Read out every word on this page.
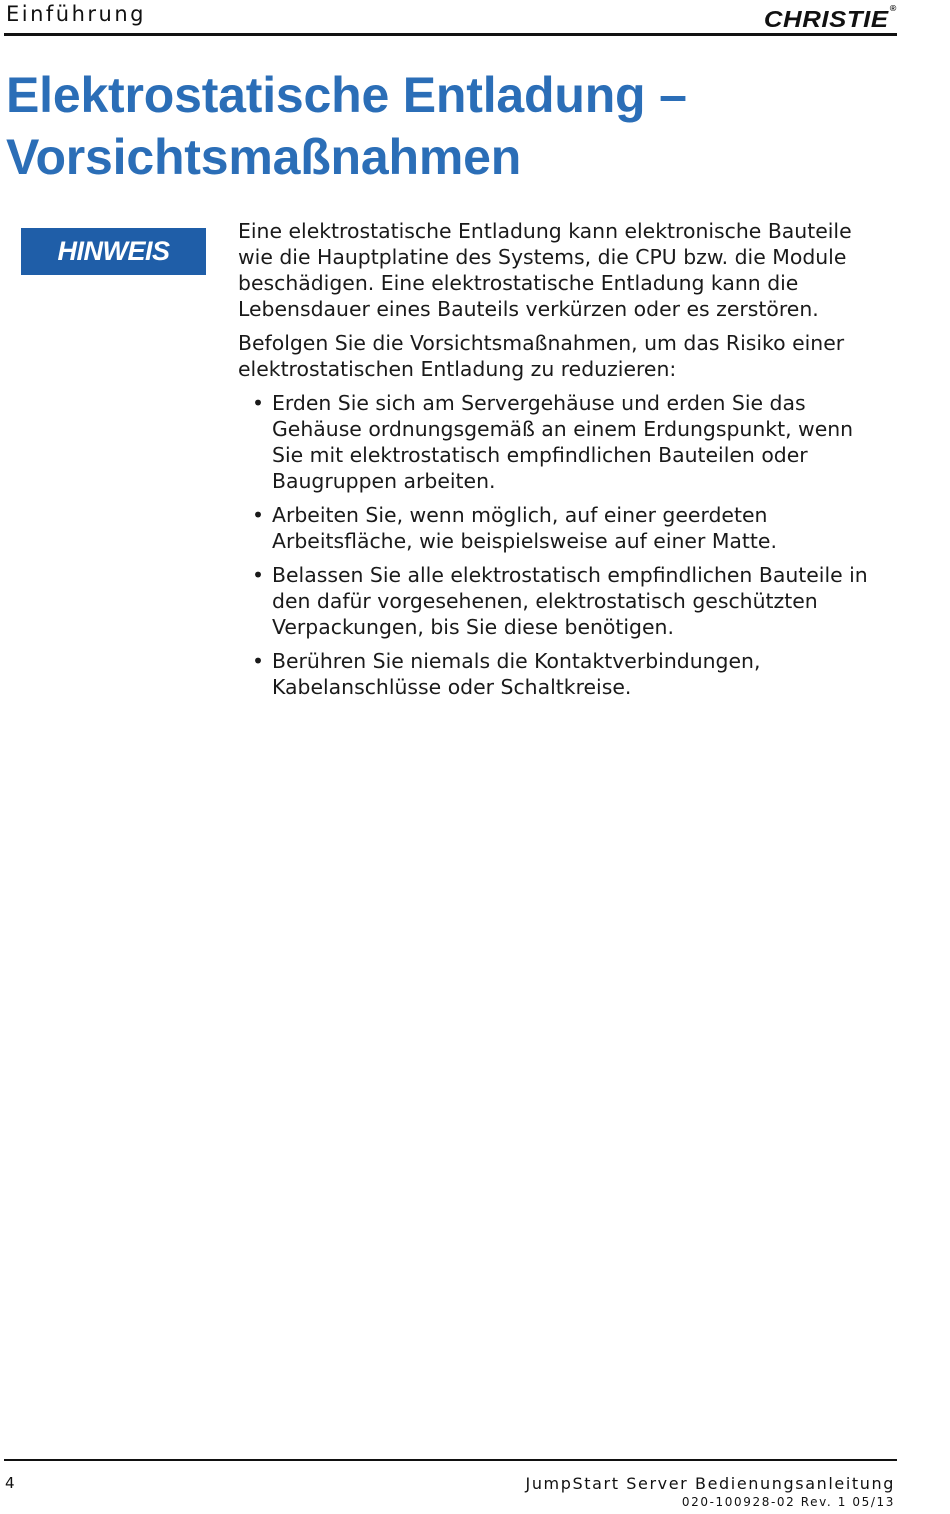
Einführung	CHRISTIE®
Elektrostatische Entladung –
Vorsichtsmaßnahmen
HINWEIS

Eine elektrostatische Entladung kann elektronische Bauteile wie die Hauptplatine des Systems, die CPU bzw. die Module beschädigen. Eine elektrostatische Entladung kann die Lebensdauer eines Bauteils verkürzen oder es zerstören.

Befolgen Sie die Vorsichtsmaßnahmen, um das Risiko einer elektrostatischen Entladung zu reduzieren:

• Erden Sie sich am Servergehäuse und erden Sie das Gehäuse ordnungsgemäß an einem Erdungspunkt, wenn Sie mit elektrostatisch empfindlichen Bauteilen oder Baugruppen arbeiten.
• Arbeiten Sie, wenn möglich, auf einer geerdeten Arbeitsfläche, wie beispielsweise auf einer Matte.
• Belassen Sie alle elektrostatisch empfindlichen Bauteile in den dafür vorgesehenen, elektrostatisch geschützten Verpackungen, bis Sie diese benötigen.
• Berühren Sie niemals die Kontaktverbindungen, Kabelanschlüsse oder Schaltkreise.
4	JumpStart Server Bedienungsanleitung
020-100928-02 Rev. 1 05/13
